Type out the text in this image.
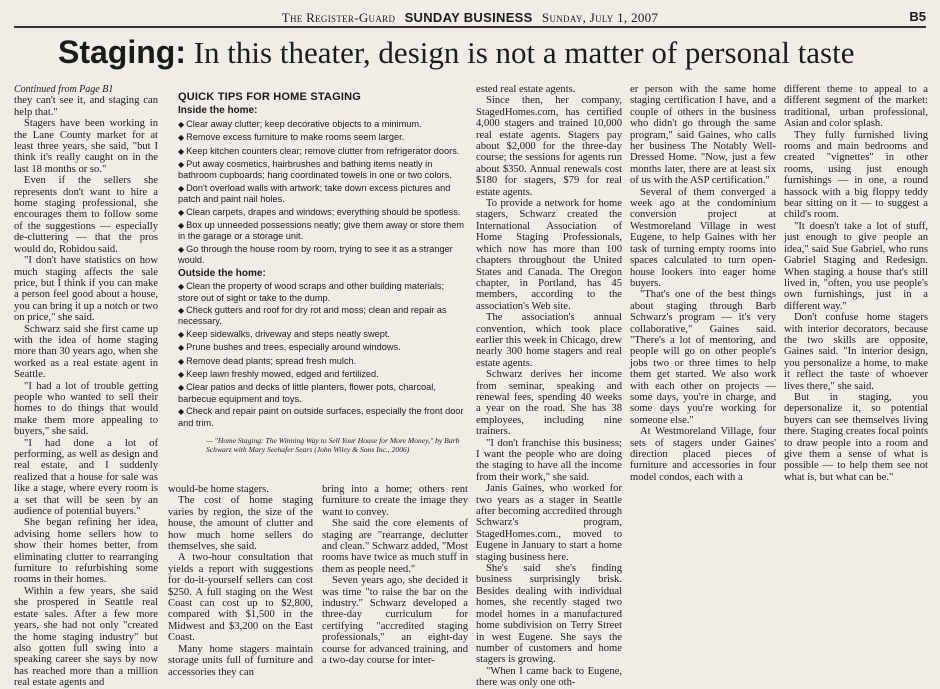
The Register-Guard SUNDAY BUSINESS Sunday, July 1, 2007	B5
Staging: In this theater, design is not a matter of personal taste

Continued from Page B1

they can't see it, and staging can help that."

Stagers have been working in the Lane County market for at least three years, she said, "but I think it's really caught on in the last 18 months or so."

Even if the sellers she represents don't want to hire a home staging professional, she encourages them to follow some of the suggestions — especially de-cluttering — that the pros would do, Robidou said.

"I don't have statistics on how much staging affects the sale price, but I think if you can make a person feel good about a house, you can bring it up a notch or two on price," she said.

Schwarz said she first came up with the idea of home staging more than 30 years ago, when she worked as a real estate agent in Seattle.

"I had a lot of trouble getting people who wanted to sell their homes to do things that would make them more appealing to buyers," she said.

"I had done a lot of performing, as well as design and real estate, and I suddenly realized that a house for sale was like a stage, where every room is a set that will be seen by an audience of potential buyers."

She began refining her idea, advising home sellers how to show their homes better, from eliminating clutter to rearranging furniture to refurbishing some rooms in their homes.

Within a few years, she said she prospered in Seattle real estate sales. After a few more years, she had not only "created the home staging industry" but also gotten full swing into a speaking career she says by now has reached more than a million real estate agents and

QUICK TIPS FOR HOME STAGING
Inside the home:
◆ Clear away clutter; keep decorative objects to a minimum.
◆ Remove excess furniture to make rooms seem larger.
◆ Keep kitchen counters clear; remove clutter from refrigerator doors.
◆ Put away cosmetics, hairbrushes and bathing items neatly in bathroom cupboards; hang coordinated towels in one or two colors.
◆ Don't overload walls with artwork; take down excess pictures and patch and paint nail holes.
◆ Clean carpets, drapes and windows; everything should be spotless.
◆ Box up unneeded possessions neatly; give them away or store them in the garage or a storage unit.
◆ Go through the house room by room, trying to see it as a stranger would.
Outside the home:
◆ Clean the property of wood scraps and other building materials; store out of sight or take to the dump.
◆ Check gutters and roof for dry rot and moss; clean and repair as necessary.
◆ Keep sidewalks, driveway and steps neatly swept.
◆ Prune bushes and trees, especially around windows.
◆ Remove dead plants; spread fresh mulch.
◆ Keep lawn freshly mowed, edged and fertilized.
◆ Clear patios and decks of little planters, flower pots, charcoal, barbecue equipment and toys.
◆ Check and repair paint on outside surfaces, especially the front door and trim.
— "Home Staging: The Winning Way to Sell Your House for More Money," by Barb Schwarz with Mary Seehafer Sears (John Wiley & Sons Inc., 2006)

would-be home stagers.

The cost of home staging varies by region, the size of the house, the amount of clutter and how much home sellers do themselves, she said.

A two-hour consultation that yields a report with suggestions for do-it-yourself sellers can cost $250. A full staging on the West Coast can cost up to $2,800, compared with $1,500 in the Midwest and $3,200 on the East Coast.

Many home stagers maintain storage units full of furniture and accessories they can

bring into a home; others rent furniture to create the image they want to convey.

She said the core elements of staging are "rearrange, declutter and clean." Schwarz added, "Most rooms have twice as much stuff in them as people need."

Seven years ago, she decided it was time "to raise the bar on the industry." Schwarz developed a three-day curriculum for certifying "accredited staging professionals," an eight-day course for advanced training, and a two-day course for inter-

ested real estate agents.

Since then, her company, StagedHomes.com, has certified 4,000 stagers and trained 10,000 real estate agents. Stagers pay about $2,000 for the three-day course; the sessions for agents run about $350. Annual renewals cost $180 for stagers, $79 for real estate agents.

To provide a network for home stagers, Schwarz created the International Association of Home Staging Professionals, which now has more than 100 chapters throughout the United States and Canada. The Oregon chapter, in Portland, has 45 members, according to the association's Web site.

The association's annual convention, which took place earlier this week in Chicago, drew nearly 300 home stagers and real estate agents.

Schwarz derives her income from seminar, speaking and renewal fees, spending 40 weeks a year on the road. She has 38 employees, including nine trainers.

"I don't franchise this business; I want the people who are doing the staging to have all the income from their work," she said.

Janis Gaines, who worked for two years as a stager in Seattle after becoming accredited through Schwarz's program, StagedHomes.com., moved to Eugene in January to start a home staging business here.

She's said she's finding business surprisingly brisk. Besides dealing with individual homes, she recently staged two model homes in a manufactured home subdivision on Terry Street in west Eugene. She says the number of customers and home stagers is growing.

"When I came back to Eugene, there was only one oth-

er person with the same home staging certification I have, and a couple of others in the business who didn't go through the same program," said Gaines, who calls her business The Notably Well-Dressed Home. "Now, just a few months later, there are at least six of us with the ASP certification."

Several of them converged a week ago at the condominium conversion project at Westmoreland Village in west Eugene, to help Gaines with her task of turning empty rooms into spaces calculated to turn open-house lookers into eager home buyers.

"That's one of the best things about staging through Barb Schwarz's program — it's very collaborative," Gaines said. "There's a lot of mentoring, and people will go on other people's jobs two or three times to help them get started. We also work with each other on projects — some days, you're in charge, and some days you're working for someone else."

At Westmoreland Village, four sets of stagers under Gaines' direction placed pieces of furniture and accessories in four model condos, each with a

different theme to appeal to a different segment of the market: traditional, urban professional, Asian and color splash.

They fully furnished living rooms and main bedrooms and created "vignettes" in other rooms, using just enough furnishings — in one, a round hassock with a big floppy teddy bear sitting on it — to suggest a child's room.

"It doesn't take a lot of stuff, just enough to give people an idea," said Sue Gabriel, who runs Gabriel Staging and Redesign. When staging a house that's still lived in, "often, you use people's own furnishings, just in a different way."

Don't confuse home stagers with interior decorators, because the two skills are opposite, Gaines said. "In interior design, you personalize a home, to make it reflect the taste of whoever lives there," she said.

But in staging, you depersonalize it, so potential buyers can see themselves living there. Staging creates focal points to draw people into a room and give them a sense of what is possible — to help them see not what is, but what can be."
